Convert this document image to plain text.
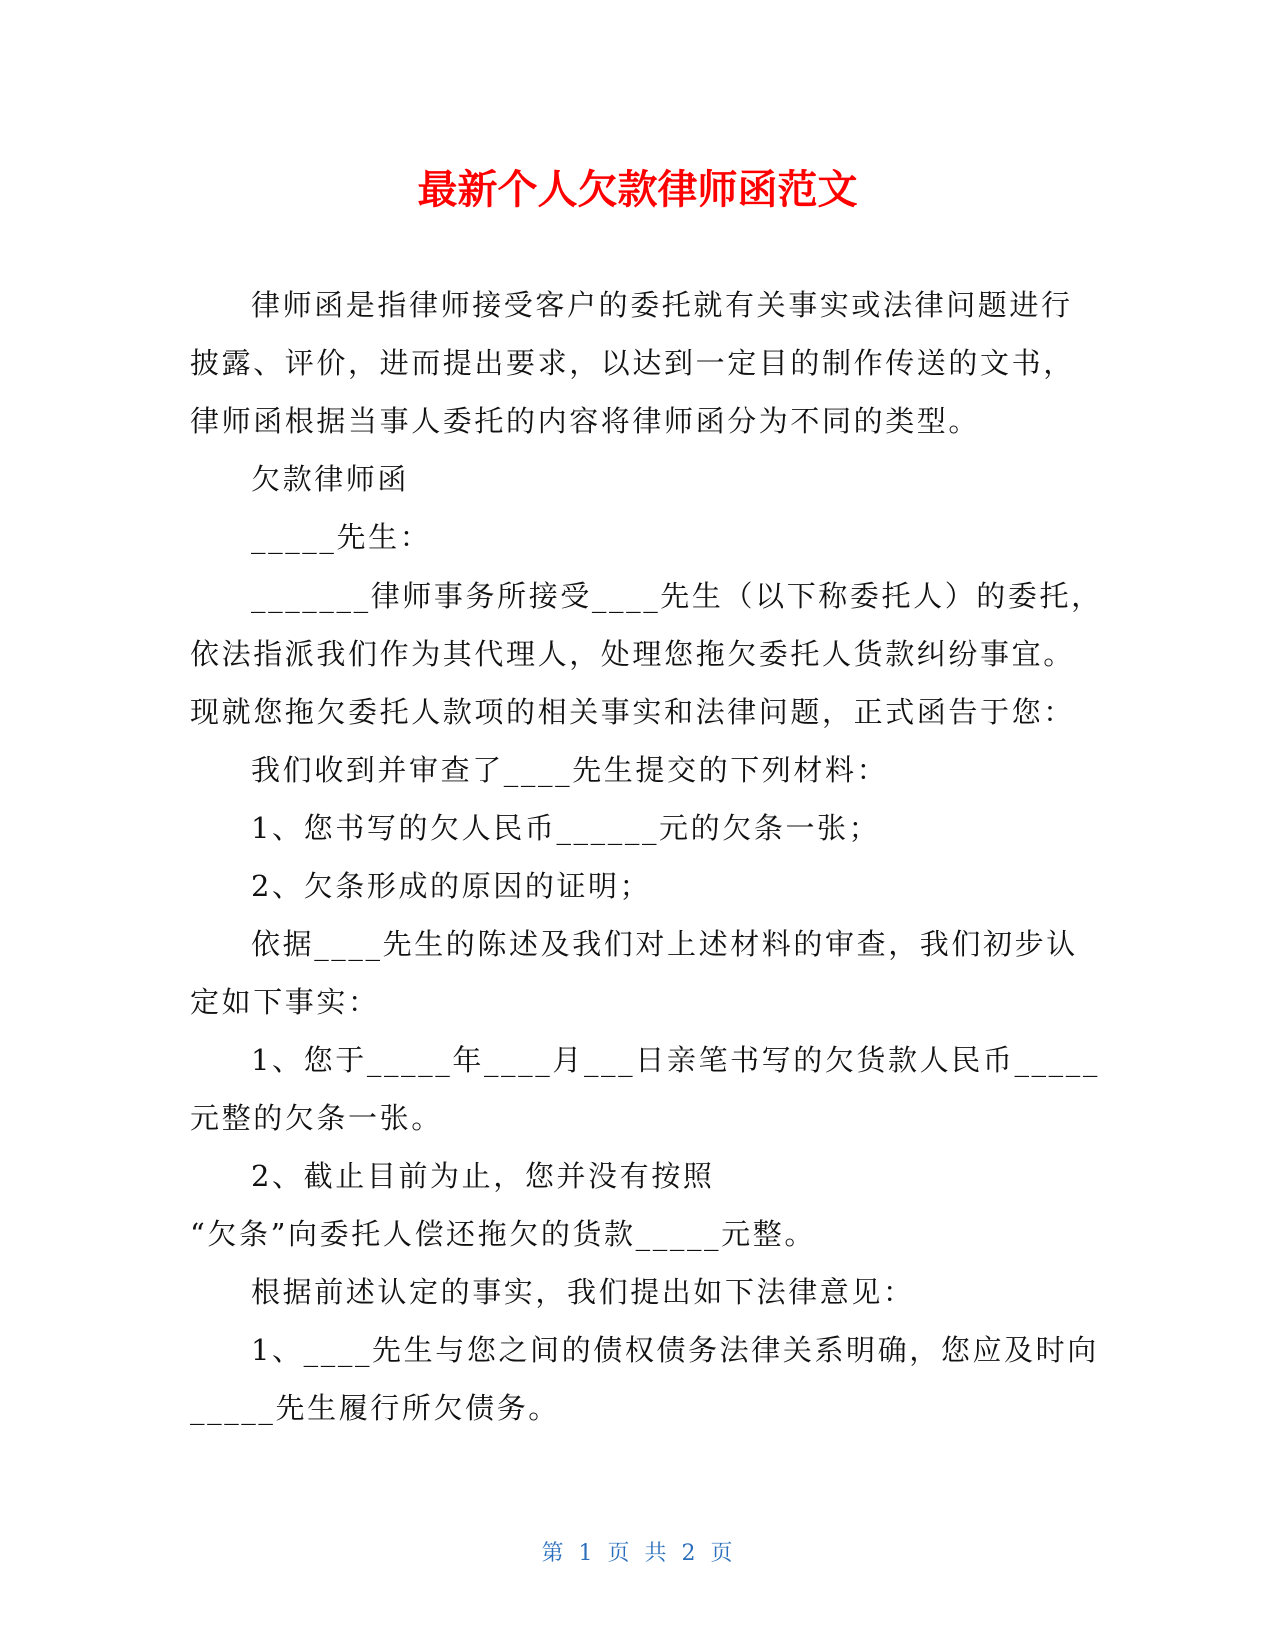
最新个人欠款律师函范文
律师函是指律师接受客户的委托就有关事实或法律问题进行
披露、评价，进而提出要求，以达到一定目的制作传送的文书，
律师函根据当事人委托的内容将律师函分为不同的类型。
欠款律师函
_____先生：
_______律师事务所接受____先生（以下称委托人）的委托，
依法指派我们作为其代理人，处理您拖欠委托人货款纠纷事宜。
现就您拖欠委托人款项的相关事实和法律问题，正式函告于您：
我们收到并审查了____先生提交的下列材料：
1、您书写的欠人民币______元的欠条一张；
2、欠条形成的原因的证明；
依据____先生的陈述及我们对上述材料的审查，我们初步认
定如下事实：
1、您于_____年____月___日亲笔书写的欠货款人民币_____
元整的欠条一张。
2、截止目前为止，您并没有按照
“欠条”向委托人偿还拖欠的货款_____元整。
根据前述认定的事实，我们提出如下法律意见：
1、____先生与您之间的债权债务法律关系明确，您应及时向
_____先生履行所欠债务。
第 1 页 共 2 页
